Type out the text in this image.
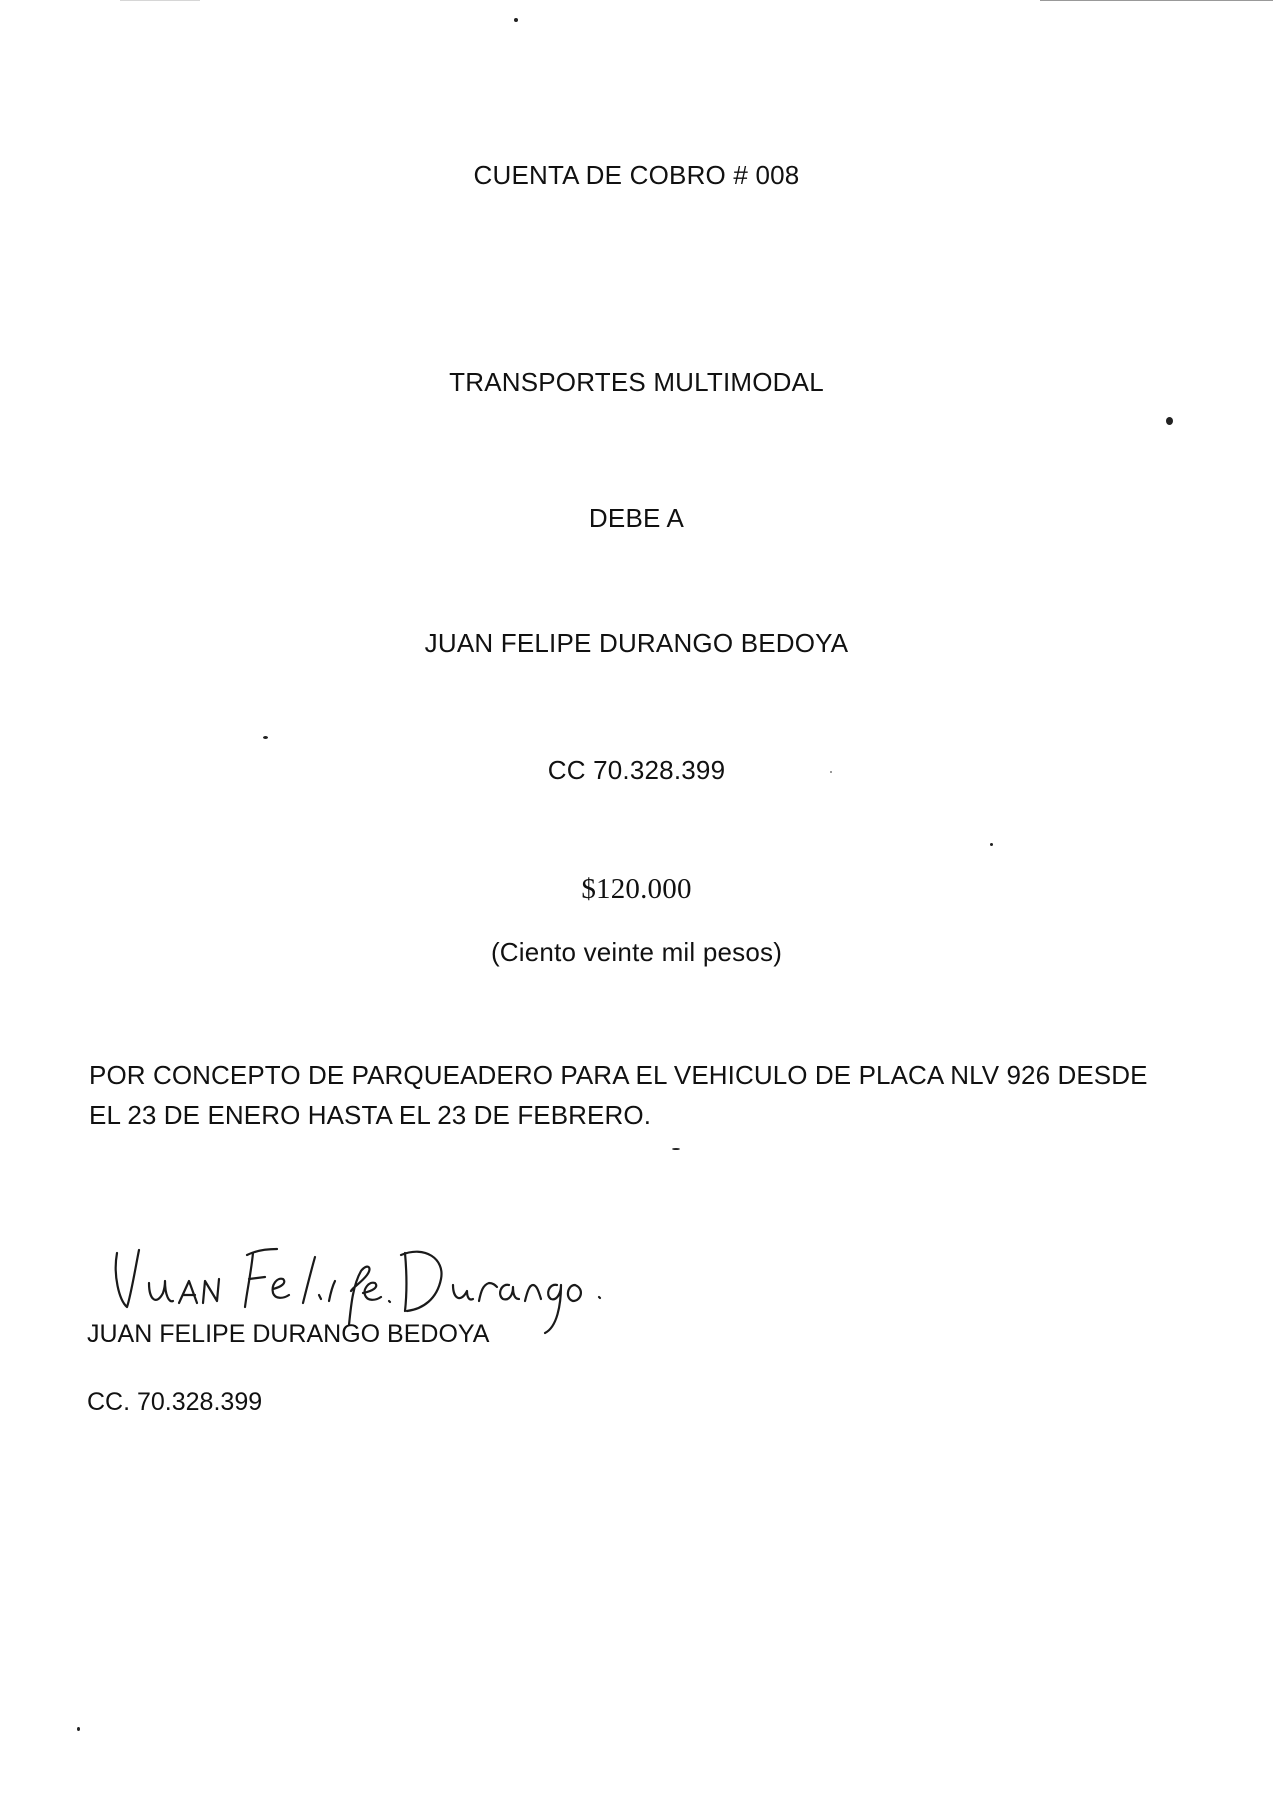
CUENTA DE COBRO # 008
TRANSPORTES MULTIMODAL
DEBE A
JUAN FELIPE DURANGO BEDOYA
CC 70.328.399
$120.000
(Ciento veinte mil pesos)
POR CONCEPTO DE PARQUEADERO PARA EL VEHICULO DE PLACA NLV 926 DESDE EL 23 DE ENERO HASTA EL 23 DE FEBRERO.
JUAN FELIPE DURANGO BEDOYA
CC. 70.328.399
